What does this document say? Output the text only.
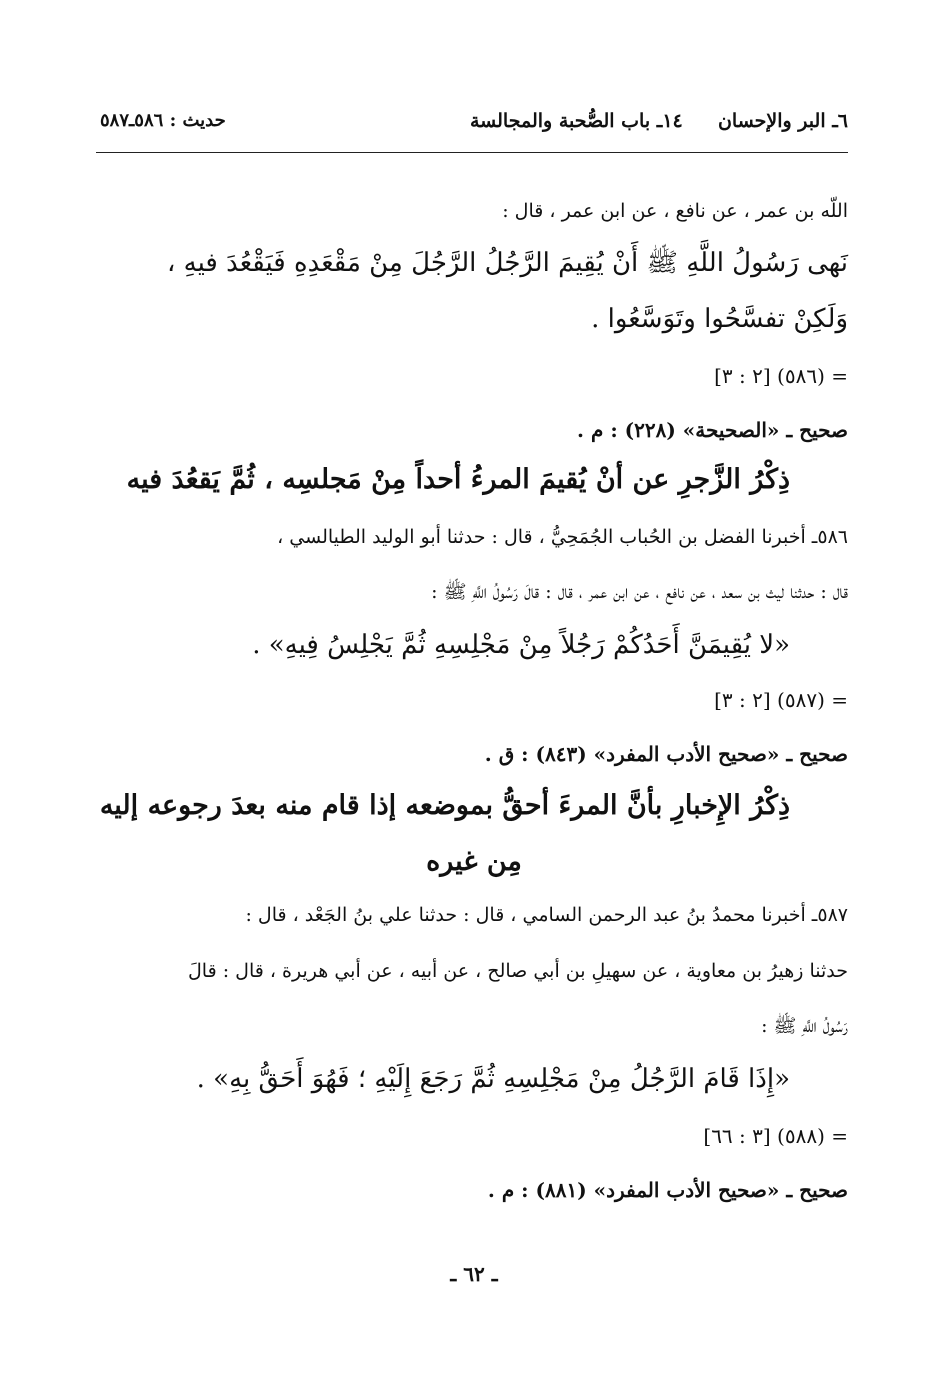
٦ـ البر والإحسان
١٤ـ باب الصُّحبة والمجالسة
حديث : ٥٨٦ـ٥٨٧
اللّه بن عمر ، عن نافع ، عن ابن عمر ، قال :
نَهى رَسُولُ اللَّهِ ﷺ أَنْ يُقِيمَ الرَّجُلُ الرَّجُلَ مِنْ مَقْعَدِهِ فَيَقْعُدَ فيهِ ،
وَلَكِنْ تفسَّحُوا وتَوَسَّعُوا .
= (٥٨٦) [٢ : ٣]
صحيح ـ «الصحيحة» (٢٢٨) : م .
ذِكْرُ الزَّجرِ عن أنْ يُقيمَ المرءُ أحداً مِنْ مَجلسِه ، ثُمَّ يَقعُدَ فيه
٥٨٦ـ أخبرنا الفضل بن الحُباب الجُمَحِيُّ ، قال : حدثنا أبو الوليد الطيالسي ،
قال : حدثنا ليث بن سعد ، عن نافع ، عن ابن عمر ، قال : قالَ رَسُولُ اللَّهِ ﷺ :
«لا يُقِيمَنَّ أَحَدُكُمْ رَجُلاً مِنْ مَجْلِسِهِ ثُمَّ يَجْلِسُ فِيهِ» .
= (٥٨٧) [٢ : ٣]
صحيح ـ «صحيح الأدب المفرد» (٨٤٣) : ق .
ذِكْرُ الإِخبارِ بأنَّ المرءَ أحقُّ بموضعه إذا قام منه بعدَ رجوعه إليه
مِن غيره
٥٨٧ـ أخبرنا محمدُ بنُ عبد الرحمن السامي ، قال : حدثنا علي بنُ الجَعْد ، قال :
حدثنا زهيرُ بن معاوية ، عن سهيلِ بن أبي صالح ، عن أبيه ، عن أبي هريرة ، قال : قالَ
رَسُولُ اللَّهِ ﷺ :
«إِذَا قَامَ الرَّجُلُ مِنْ مَجْلِسِهِ ثُمَّ رَجَعَ إِلَيْهِ ؛ فَهُوَ أَحَقُّ بِهِ» .
= (٥٨٨) [٣ : ٦٦]
صحيح ـ «صحيح الأدب المفرد» (٨٨١) : م .
ـ ٦٢ ـ
